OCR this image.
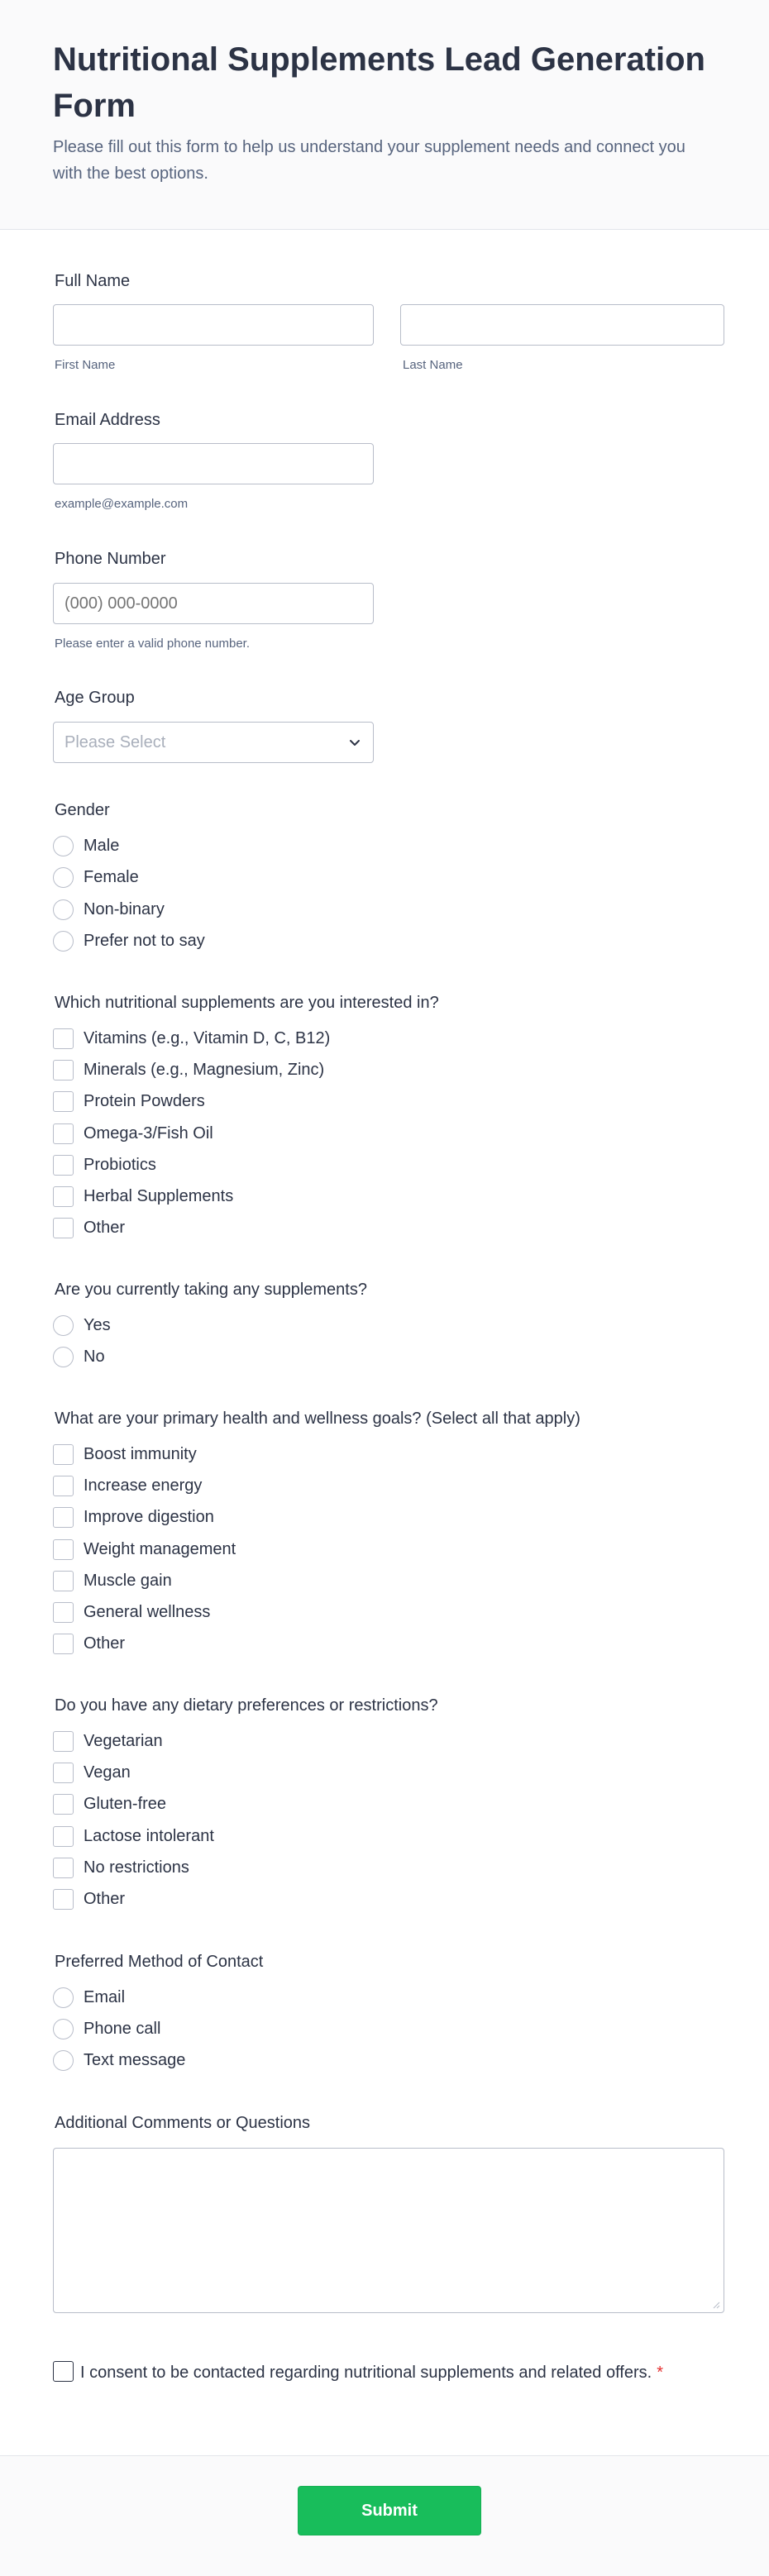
Nutritional Supplements Lead Generation Form

Please fill out this form to help us understand your supplement needs and connect you with the best options.

Full Name
First Name	Last Name
Email Address
example@example.com
Phone Number
(000) 000-0000
Please enter a valid phone number.
Age Group
Please Select
Gender
Male
Female
Non-binary
Prefer not to say
Which nutritional supplements are you interested in?
Vitamins (e.g., Vitamin D, C, B12)
Minerals (e.g., Magnesium, Zinc)
Protein Powders
Omega-3/Fish Oil
Probiotics
Herbal Supplements
Other
Are you currently taking any supplements?
Yes
No
What are your primary health and wellness goals? (Select all that apply)
Boost immunity
Increase energy
Improve digestion
Weight management
Muscle gain
General wellness
Other
Do you have any dietary preferences or restrictions?
Vegetarian
Vegan
Gluten-free
Lactose intolerant
No restrictions
Other
Preferred Method of Contact
Email
Phone call
Text message
Additional Comments or Questions
I consent to be contacted regarding nutritional supplements and related offers. *
Submit
